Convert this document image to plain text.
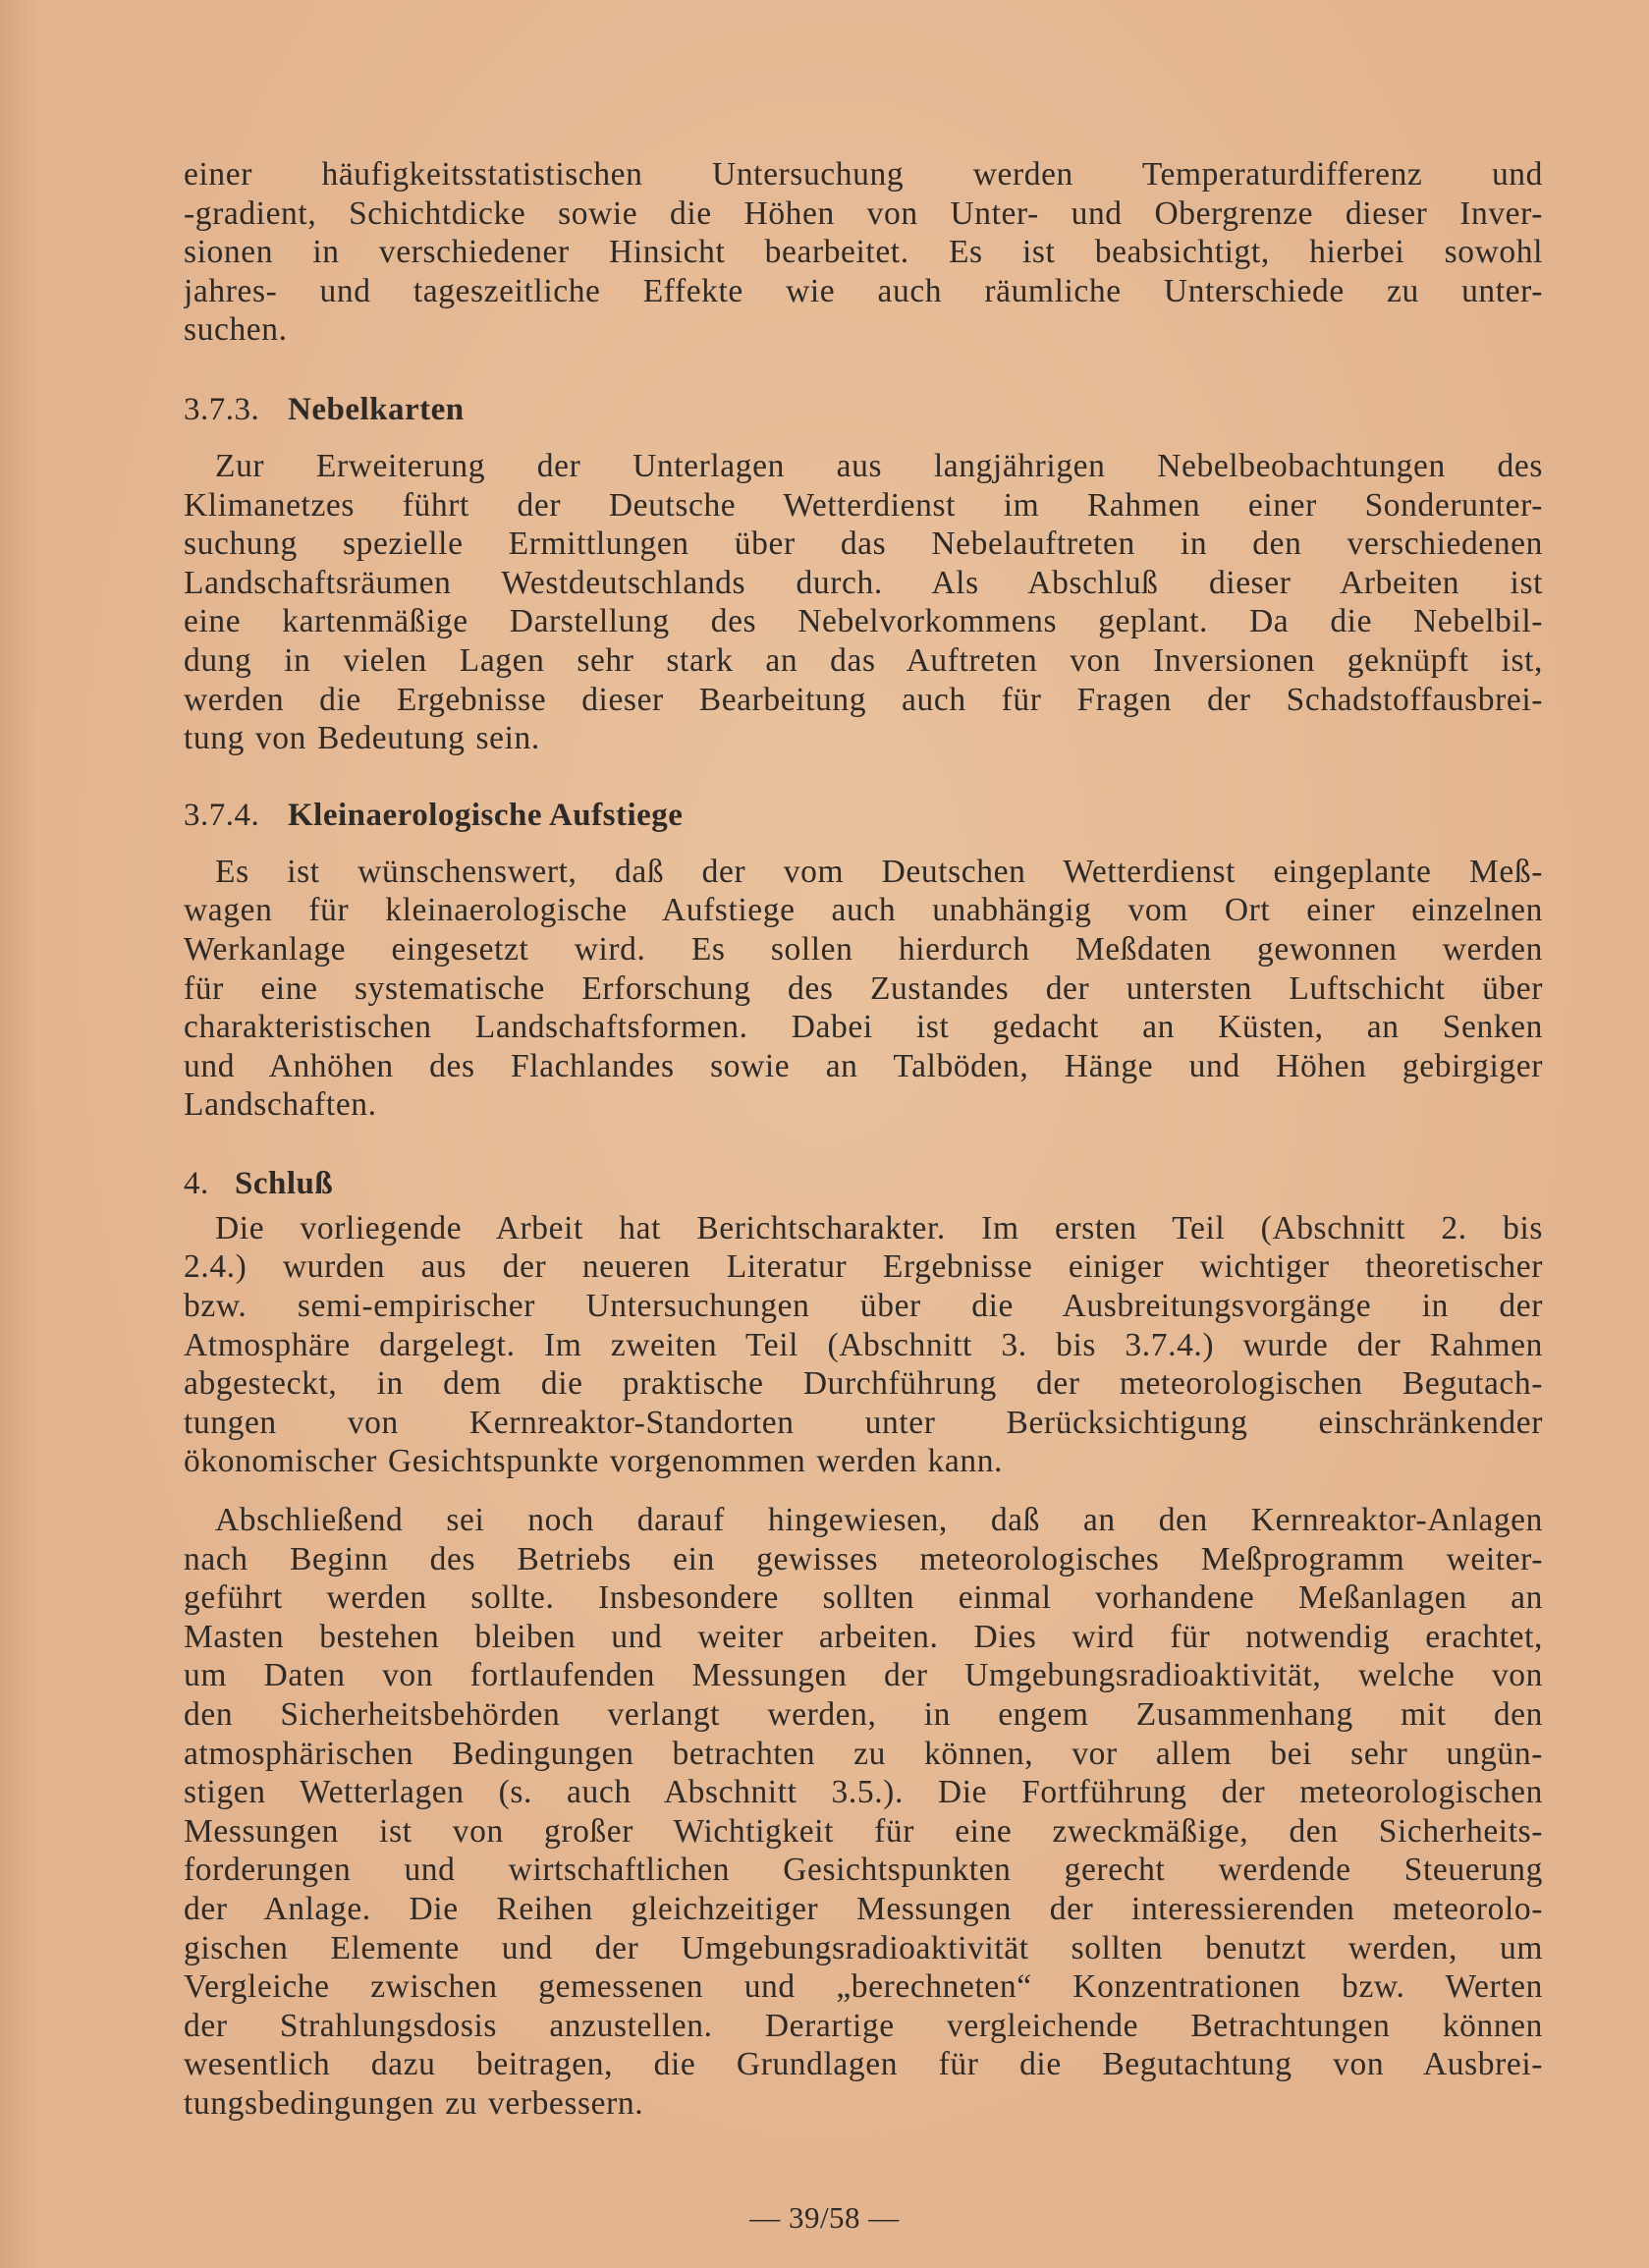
einer häufigkeitsstatistischen Untersuchung werden Temperaturdifferenz und
-gradient, Schichtdicke sowie die Höhen von Unter- und Obergrenze dieser Inver-
sionen in verschiedener Hinsicht bearbeitet. Es ist beabsichtigt, hierbei sowohl
jahres- und tageszeitliche Effekte wie auch räumliche Unterschiede zu unter-
suchen.
3.7.3. Nebelkarten
Zur Erweiterung der Unterlagen aus langjährigen Nebelbeobachtungen des
Klimanetzes führt der Deutsche Wetterdienst im Rahmen einer Sonderunter-
suchung spezielle Ermittlungen über das Nebelauftreten in den verschiedenen
Landschaftsräumen Westdeutschlands durch. Als Abschluß dieser Arbeiten ist
eine kartenmäßige Darstellung des Nebelvorkommens geplant. Da die Nebelbil-
dung in vielen Lagen sehr stark an das Auftreten von Inversionen geknüpft ist,
werden die Ergebnisse dieser Bearbeitung auch für Fragen der Schadstoffausbrei-
tung von Bedeutung sein.
3.7.4. Kleinaerologische Aufstiege
Es ist wünschenswert, daß der vom Deutschen Wetterdienst eingeplante Meß-
wagen für kleinaerologische Aufstiege auch unabhängig vom Ort einer einzelnen
Werkanlage eingesetzt wird. Es sollen hierdurch Meßdaten gewonnen werden
für eine systematische Erforschung des Zustandes der untersten Luftschicht über
charakteristischen Landschaftsformen. Dabei ist gedacht an Küsten, an Senken
und Anhöhen des Flachlandes sowie an Talböden, Hänge und Höhen gebirgiger
Landschaften.
4. Schluß
Die vorliegende Arbeit hat Berichtscharakter. Im ersten Teil (Abschnitt 2. bis
2.4.) wurden aus der neueren Literatur Ergebnisse einiger wichtiger theoretischer
bzw. semi-empirischer Untersuchungen über die Ausbreitungsvorgänge in der
Atmosphäre dargelegt. Im zweiten Teil (Abschnitt 3. bis 3.7.4.) wurde der Rahmen
abgesteckt, in dem die praktische Durchführung der meteorologischen Begutach-
tungen von Kernreaktor-Standorten unter Berücksichtigung einschränkender
ökonomischer Gesichtspunkte vorgenommen werden kann.
Abschließend sei noch darauf hingewiesen, daß an den Kernreaktor-Anlagen
nach Beginn des Betriebs ein gewisses meteorologisches Meßprogramm weiter-
geführt werden sollte. Insbesondere sollten einmal vorhandene Meßanlagen an
Masten bestehen bleiben und weiter arbeiten. Dies wird für notwendig erachtet,
um Daten von fortlaufenden Messungen der Umgebungsradioaktivität, welche von
den Sicherheitsbehörden verlangt werden, in engem Zusammenhang mit den
atmosphärischen Bedingungen betrachten zu können, vor allem bei sehr ungün-
stigen Wetterlagen (s. auch Abschnitt 3.5.). Die Fortführung der meteorologischen
Messungen ist von großer Wichtigkeit für eine zweckmäßige, den Sicherheits-
forderungen und wirtschaftlichen Gesichtspunkten gerecht werdende Steuerung
der Anlage. Die Reihen gleichzeitiger Messungen der interessierenden meteorolo-
gischen Elemente und der Umgebungsradioaktivität sollten benutzt werden, um
Vergleiche zwischen gemessenen und „berechneten“ Konzentrationen bzw. Werten
der Strahlungsdosis anzustellen. Derartige vergleichende Betrachtungen können
wesentlich dazu beitragen, die Grundlagen für die Begutachtung von Ausbrei-
tungsbedingungen zu verbessern.
— 39/58 —
